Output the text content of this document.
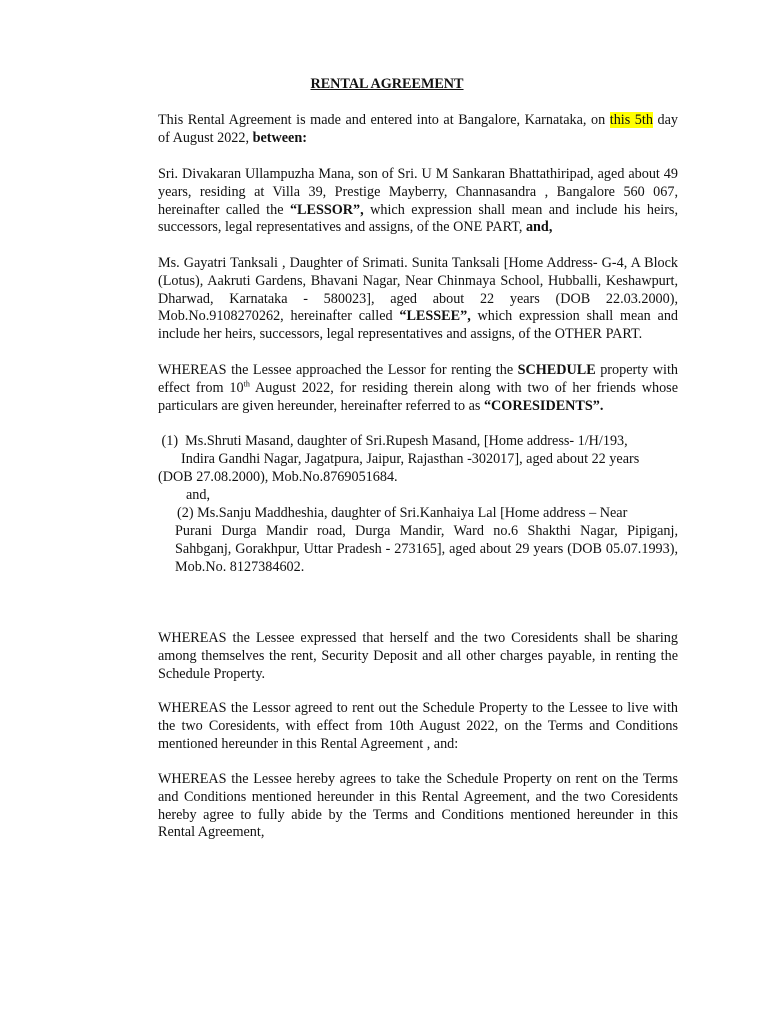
RENTAL AGREEMENT

This Rental Agreement is made and entered into at Bangalore, Karnataka, on this 5th day of August 2022, between:

Sri. Divakaran Ullampuzha Mana, son of Sri. U M Sankaran Bhattathiripad, aged about 49 years, residing at Villa 39, Prestige Mayberry, Channasandra , Bangalore 560 067, hereinafter called the “LESSOR”, which expression shall mean and include his heirs, successors, legal representatives and assigns, of the ONE PART, and,

Ms. Gayatri Tanksali , Daughter of Srimati. Sunita Tanksali [Home Address- G-4, A Block (Lotus), Aakruti Gardens, Bhavani Nagar, Near Chinmaya School, Hubballi, Keshawpurt, Dharwad, Karnataka - 580023], aged about 22 years (DOB 22.03.2000), Mob.No.9108270262, hereinafter called “LESSEE”, which expression shall mean and include her heirs, successors, legal representatives and assigns, of the OTHER PART.

WHEREAS the Lessee approached the Lessor for renting the SCHEDULE property with effect from 10th August 2022, for residing therein along with two of her friends whose particulars are given hereunder, hereinafter referred to as “CORESIDENTS”.

(1)  Ms.Shruti Masand, daughter of Sri.Rupesh Masand, [Home address- 1/H/193,
Indira Gandhi Nagar, Jagatpura, Jaipur, Rajasthan -302017], aged about 22 years
(DOB 27.08.2000), Mob.No.8769051684.
and,
(2) Ms.Sanju Maddheshia, daughter of Sri.Kanhaiya Lal [Home address – Near

Purani Durga Mandir road, Durga Mandir, Ward no.6 Shakthi Nagar, Pipiganj, Sahbganj, Gorakhpur, Uttar Pradesh - 273165], aged about 29 years (DOB 05.07.1993), Mob.No. 8127384602.

WHEREAS the Lessee expressed that herself and the two Coresidents shall be sharing among themselves the rent, Security Deposit and all other charges payable, in renting the Schedule Property.

WHEREAS the Lessor agreed to rent out the Schedule Property to the Lessee to live with the two Coresidents, with effect from 10th August 2022, on the Terms and Conditions mentioned hereunder in this Rental Agreement , and:

WHEREAS the Lessee hereby agrees to take the Schedule Property on rent on the Terms and Conditions mentioned hereunder in this Rental Agreement, and the two Coresidents hereby agree to fully abide by the Terms and Conditions mentioned hereunder in this Rental Agreement,
